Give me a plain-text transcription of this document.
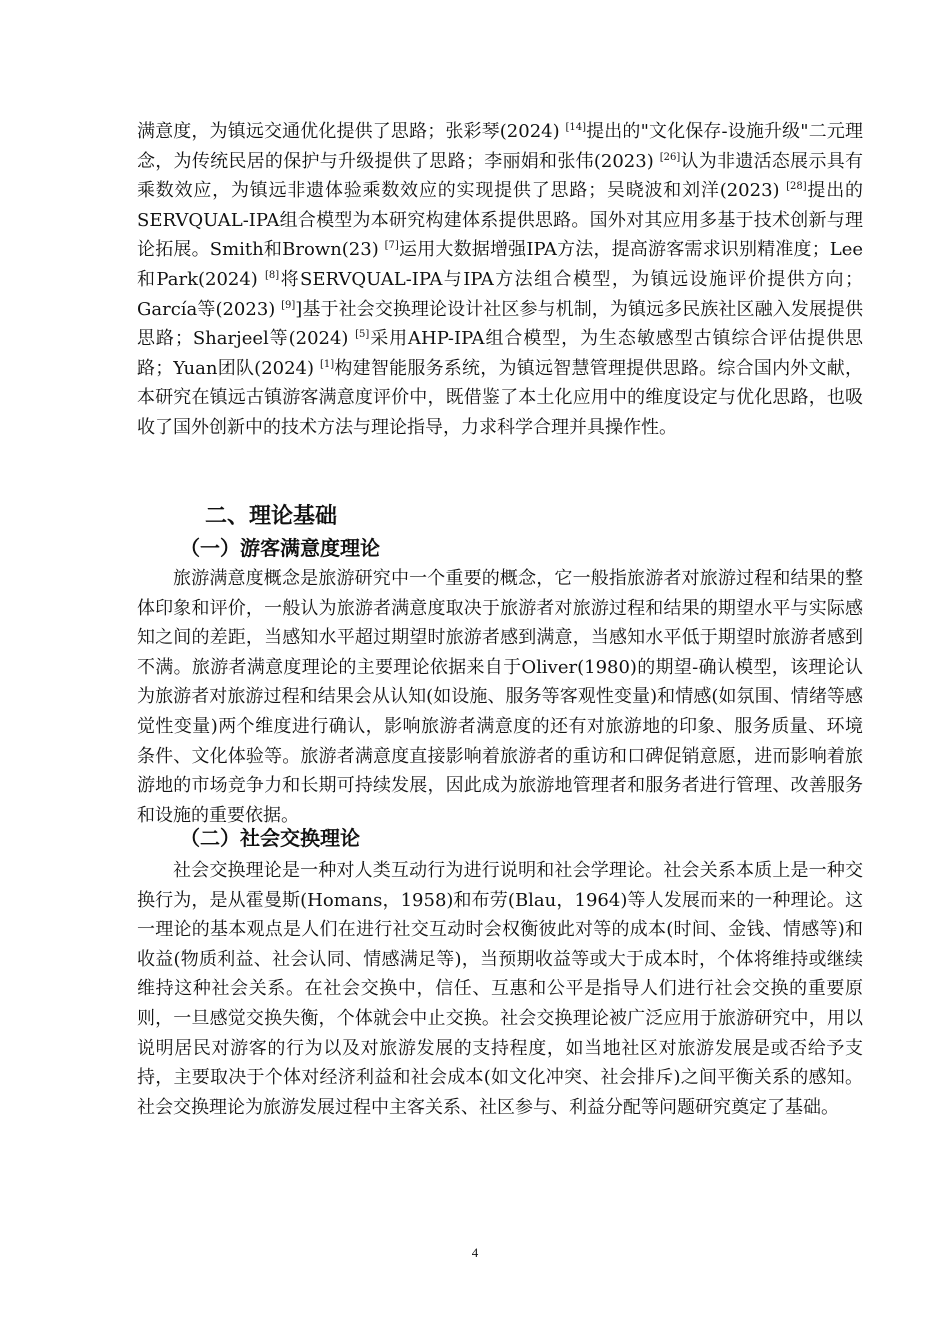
满意度，为镇远交通优化提供了思路；张彩琴(2024) [14]提出的"文化保存-设施升级"二元理念，为传统民居的保护与升级提供了思路；李丽娟和张伟(2023) [26]认为非遗活态展示具有乘数效应，为镇远非遗体验乘数效应的实现提供了思路；吴晓波和刘洋(2023) [28]提出的SERVQUAL-IPA组合模型为本研究构建体系提供思路。国外对其应用多基于技术创新与理论拓展。Smith和Brown(23) [7]运用大数据增强IPA方法，提高游客需求识别精准度；Lee和Park(2024) [8]将SERVQUAL-IPA与IPA方法组合模型，为镇远设施评价提供方向；García等(2023) [9]]基于社会交换理论设计社区参与机制，为镇远多民族社区融入发展提供思路；Sharjeel等(2024) [5]采用AHP-IPA组合模型，为生态敏感型古镇综合评估提供思路；Yuan团队(2024) [1]构建智能服务系统，为镇远智慧管理提供思路。综合国内外文献，本研究在镇远古镇游客满意度评价中，既借鉴了本土化应用中的维度设定与优化思路，也吸收了国外创新中的技术方法与理论指导，力求科学合理并具操作性。

二、理论基础
（一）游客满意度理论

旅游满意度概念是旅游研究中一个重要的概念，它一般指旅游者对旅游过程和结果的整体印象和评价，一般认为旅游者满意度取决于旅游者对旅游过程和结果的期望水平与实际感知之间的差距，当感知水平超过期望时旅游者感到满意，当感知水平低于期望时旅游者感到不满。旅游者满意度理论的主要理论依据来自于Oliver(1980)的期望-确认模型，该理论认为旅游者对旅游过程和结果会从认知(如设施、服务等客观性变量)和情感(如氛围、情绪等感觉性变量)两个维度进行确认，影响旅游者满意度的还有对旅游地的印象、服务质量、环境条件、文化体验等。旅游者满意度直接影响着旅游者的重访和口碑促销意愿，进而影响着旅游地的市场竞争力和长期可持续发展，因此成为旅游地管理者和服务者进行管理、改善服务和设施的重要依据。

（二）社会交换理论

社会交换理论是一种对人类互动行为进行说明和社会学理论。社会关系本质上是一种交换行为，是从霍曼斯(Homans，1958)和布劳(Blau，1964)等人发展而来的一种理论。这一理论的基本观点是人们在进行社交互动时会权衡彼此对等的成本(时间、金钱、情感等)和收益(物质利益、社会认同、情感满足等)，当预期收益等或大于成本时，个体将维持或继续维持这种社会关系。在社会交换中，信任、互惠和公平是指导人们进行社会交换的重要原则，一旦感觉交换失衡，个体就会中止交换。社会交换理论被广泛应用于旅游研究中，用以说明居民对游客的行为以及对旅游发展的支持程度，如当地社区对旅游发展是或否给予支持，主要取决于个体对经济利益和社会成本(如文化冲突、社会排斥)之间平衡关系的感知。社会交换理论为旅游发展过程中主客关系、社区参与、利益分配等问题研究奠定了基础。

4
